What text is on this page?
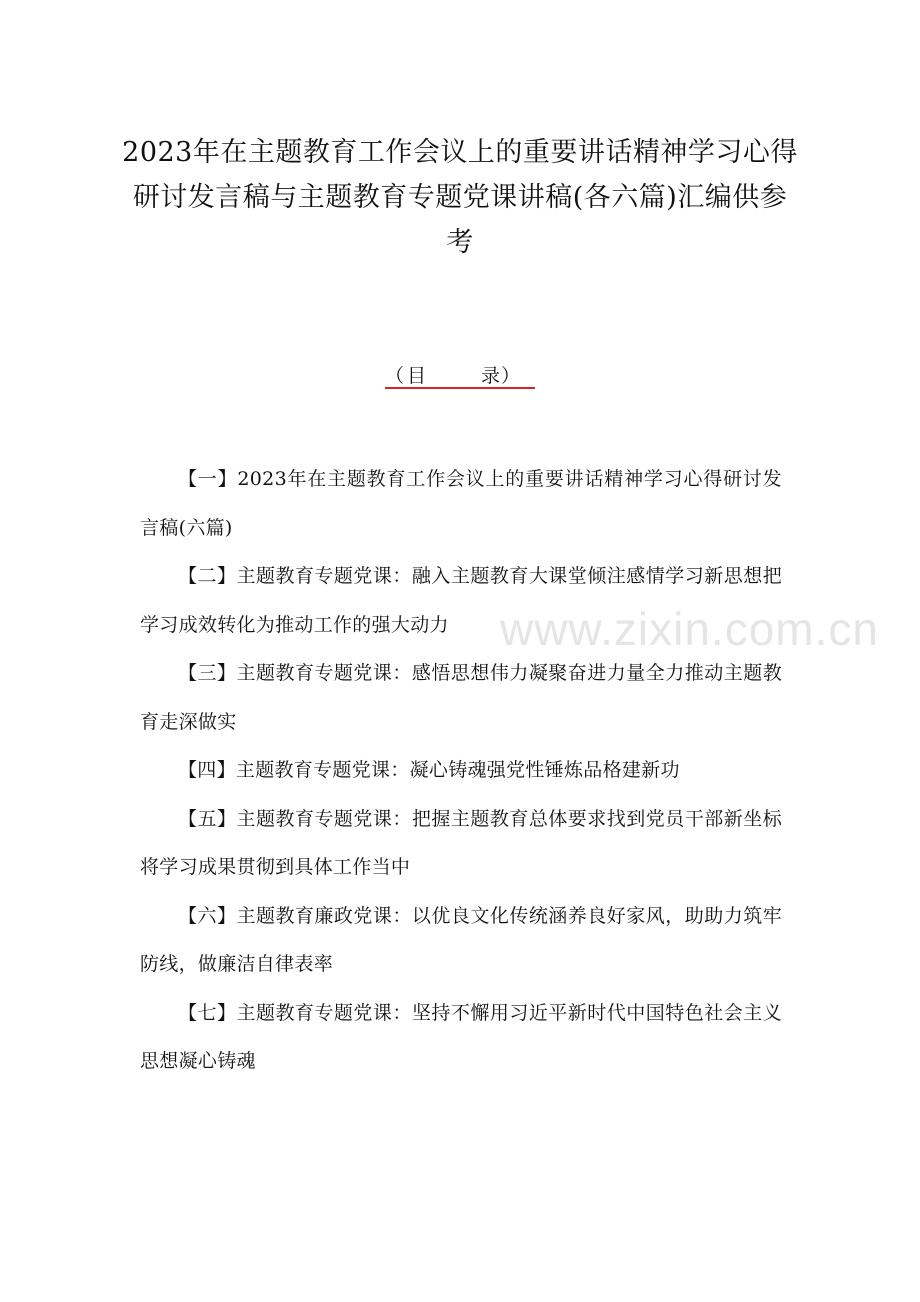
2023年在主题教育工作会议上的重要讲话精神学习心得研讨发言稿与主题教育专题党课讲稿(各六篇)汇编供参考
（ 目	录 ）
【一】2023年在主题教育工作会议上的重要讲话精神学习心得研讨发言稿(六篇)
【二】主题教育专题党课：融入主题教育大课堂倾注感情学习新思想把学习成效转化为推动工作的强大动力
【三】主题教育专题党课：感悟思想伟力凝聚奋进力量全力推动主题教育走深做实
【四】主题教育专题党课：凝心铸魂强党性锤炼品格建新功
【五】主题教育专题党课：把握主题教育总体要求找到党员干部新坐标将学习成果贯彻到具体工作当中
【六】主题教育廉政党课：以优良文化传统涵养良好家风，助助力筑牢防线，做廉洁自律表率
【七】主题教育专题党课：坚持不懈用习近平新时代中国特色社会主义思想凝心铸魂
www.zixin.com.cn
